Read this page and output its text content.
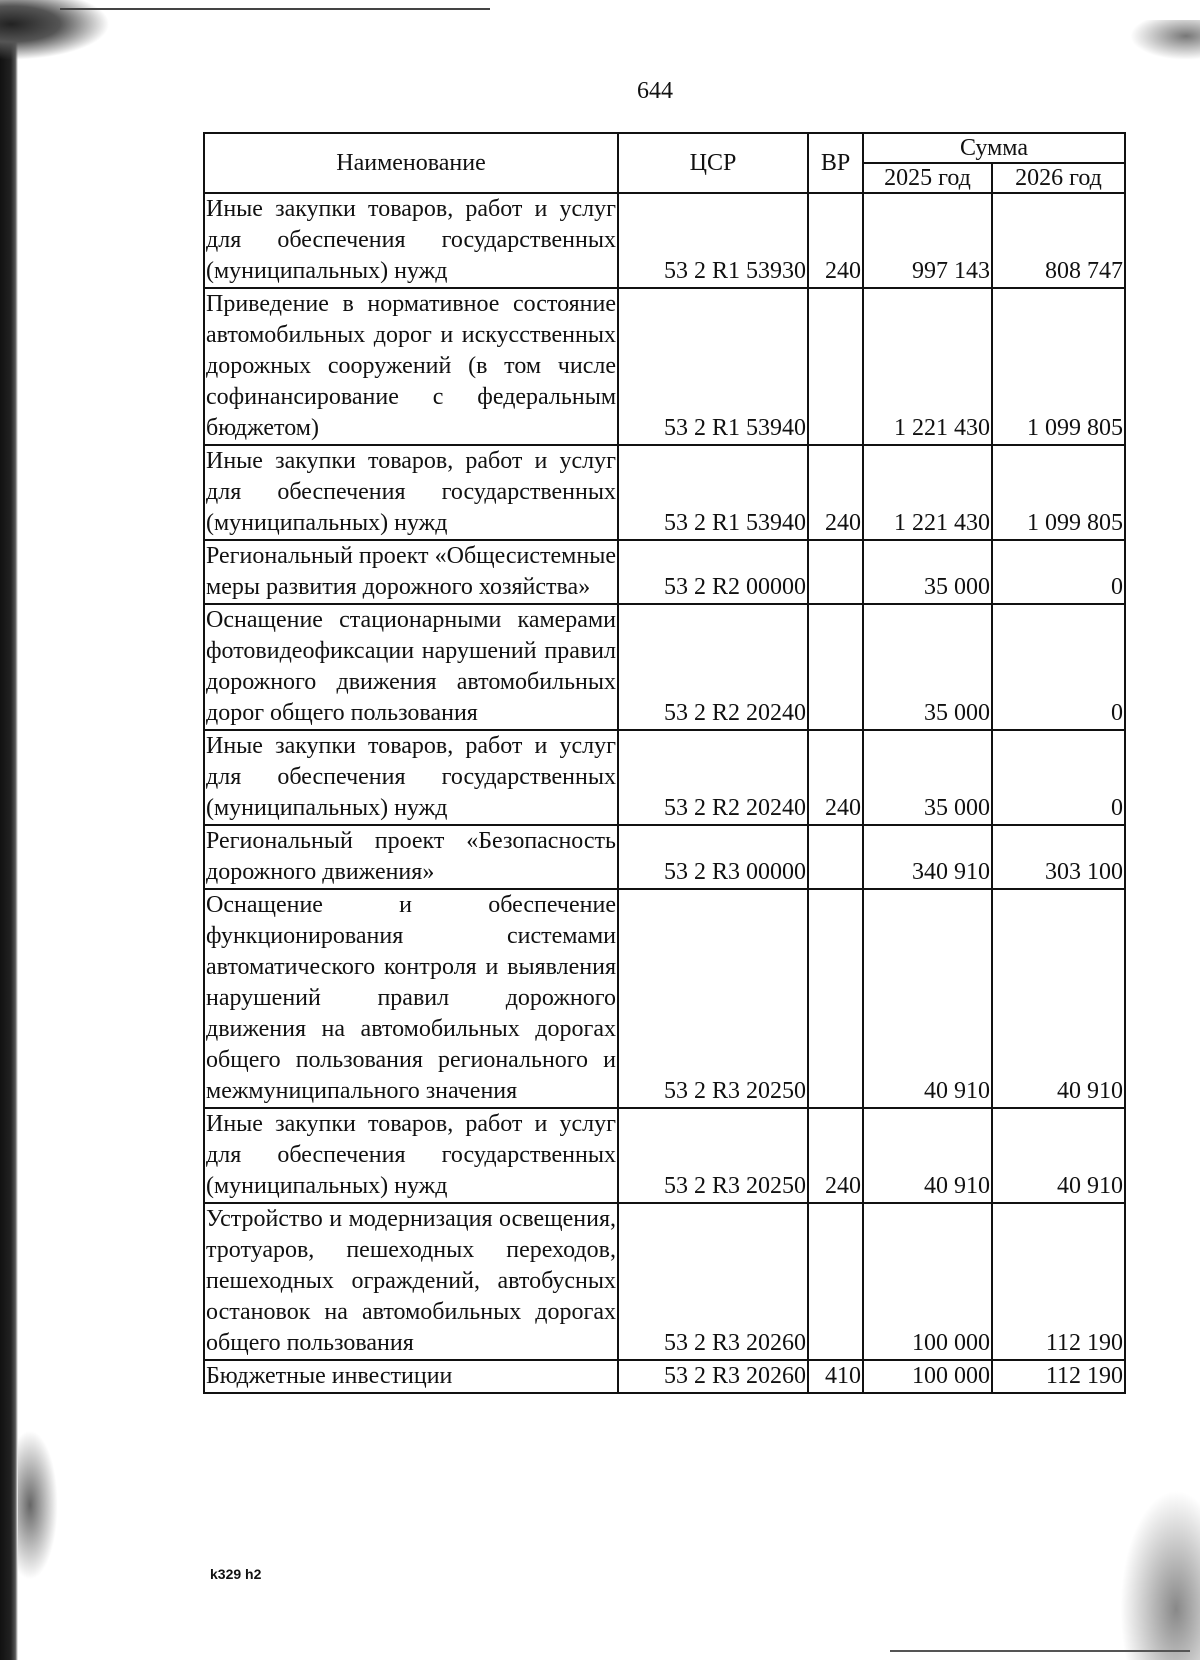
644
Наименование	ЦСР	ВР	Сумма	
			2025 год	2026 год
Иные закупки товаров, работ и услуг для обеспечения государственных (муниципальных) нужд	53 2 R1 53930	240	997 143	808 747
Приведение в нормативное состояние автомобильных дорог и искусственных дорожных сооружений (в том числе софинансирование с федеральным бюджетом)	53 2 R1 53940		1 221 430	1 099 805
Иные закупки товаров, работ и услуг для обеспечения государственных (муниципальных) нужд	53 2 R1 53940	240	1 221 430	1 099 805
Региональный проект «Общесистемные меры развития дорожного хозяйства»	53 2 R2 00000		35 000	0
Оснащение стационарными камерами фотовидеофиксации нарушений правил дорожного движения автомобильных дорог общего пользования	53 2 R2 20240		35 000	0
Иные закупки товаров, работ и услуг для обеспечения государственных (муниципальных) нужд	53 2 R2 20240	240	35 000	0
Региональный проект «Безопасность дорожного движения»	53 2 R3 00000		340 910	303 100
Оснащение и обеспечение функционирования системами автоматического контроля и выявления нарушений правил дорожного движения на автомобильных дорогах общего пользования регионального и межмуниципального значения	53 2 R3 20250		40 910	40 910
Иные закупки товаров, работ и услуг для обеспечения государственных (муниципальных) нужд	53 2 R3 20250	240	40 910	40 910
Устройство и модернизация освещения, тротуаров, пешеходных переходов, пешеходных ограждений, автобусных остановок на автомобильных дорогах общего пользования	53 2 R3 20260		100 000	112 190
Бюджетные инвестиции	53 2 R3 20260	410	100 000	112 190
k329 h2
